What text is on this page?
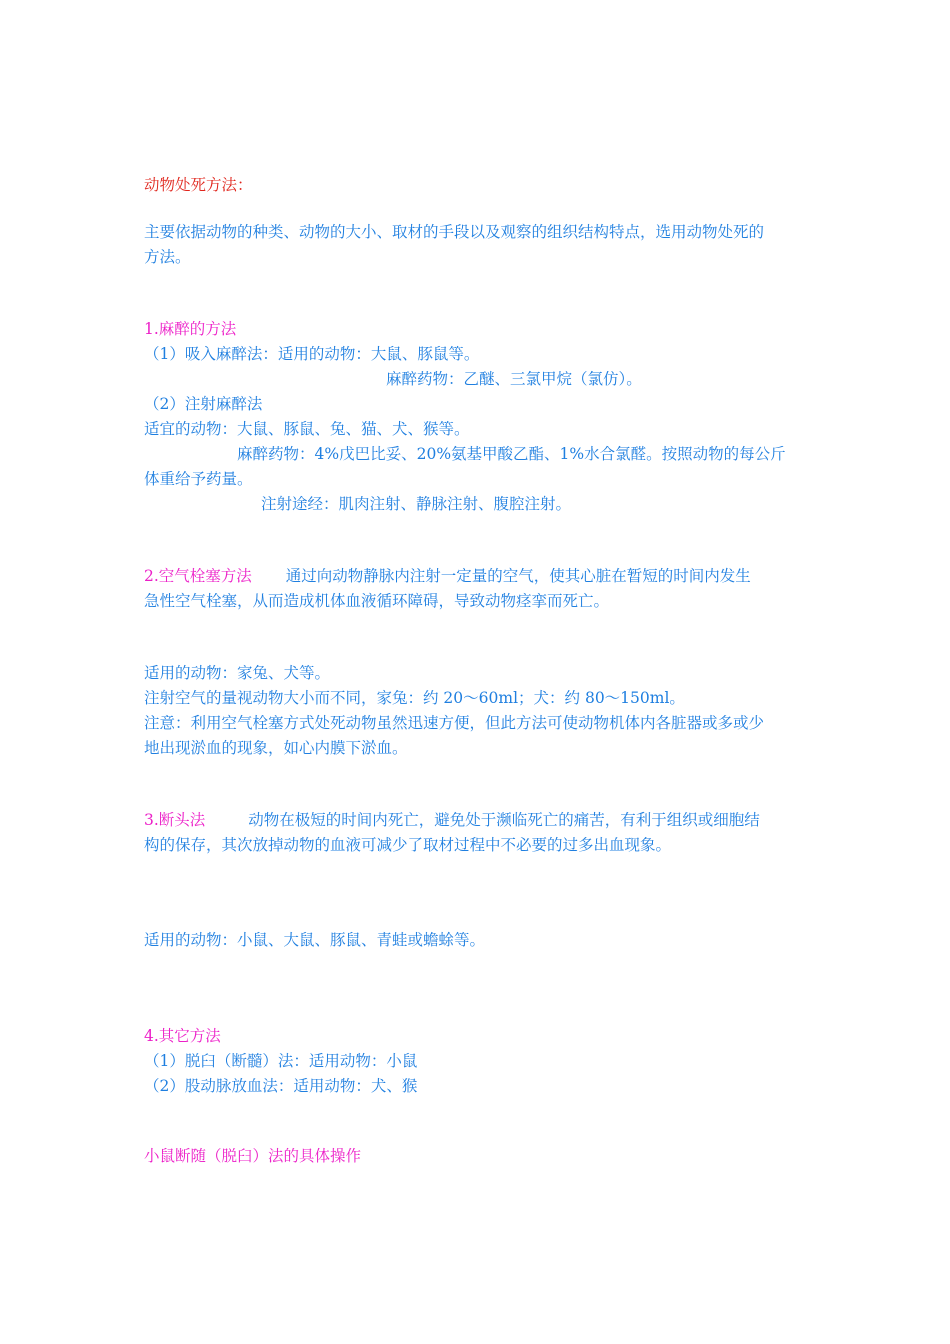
动物处死方法：
主要依据动物的种类、动物的大小、取材的手段以及观察的组织结构特点，选用动物处死的
方法。
1.麻醉的方法
（1）吸入麻醉法：适用的动物：大鼠、豚鼠等。
麻醉药物：乙醚、三氯甲烷（氯仿）。
（2）注射麻醉法
适宜的动物：大鼠、豚鼠、兔、猫、犬、猴等。
麻醉药物：4%戊巴比妥、20%氨基甲酸乙酯、1%水合氯醛。按照动物的每公斤
体重给予药量。
注射途经：肌肉注射、静脉注射、腹腔注射。
2.空气栓塞方法 通过向动物静脉内注射一定量的空气，使其心脏在暂短的时间内发生
急性空气栓塞，从而造成机体血液循环障碍，导致动物痉挛而死亡。
适用的动物：家兔、犬等。
注射空气的量视动物大小而不同，家兔：约 20～60ml；犬：约 80～150ml。
注意：利用空气栓塞方式处死动物虽然迅速方便，但此方法可使动物机体内各脏器或多或少
地出现淤血的现象，如心内膜下淤血。
3.断头法	动物在极短的时间内死亡，避免处于濒临死亡的痛苦，有利于组织或细胞结
构的保存，其次放掉动物的血液可减少了取材过程中不必要的过多出血现象。
适用的动物：小鼠、大鼠、豚鼠、青蛙或蟾蜍等。
4.其它方法
（1）脱臼（断髓）法：适用动物：小鼠
（2）股动脉放血法：适用动物：犬、猴
小鼠断随（脱臼）法的具体操作
